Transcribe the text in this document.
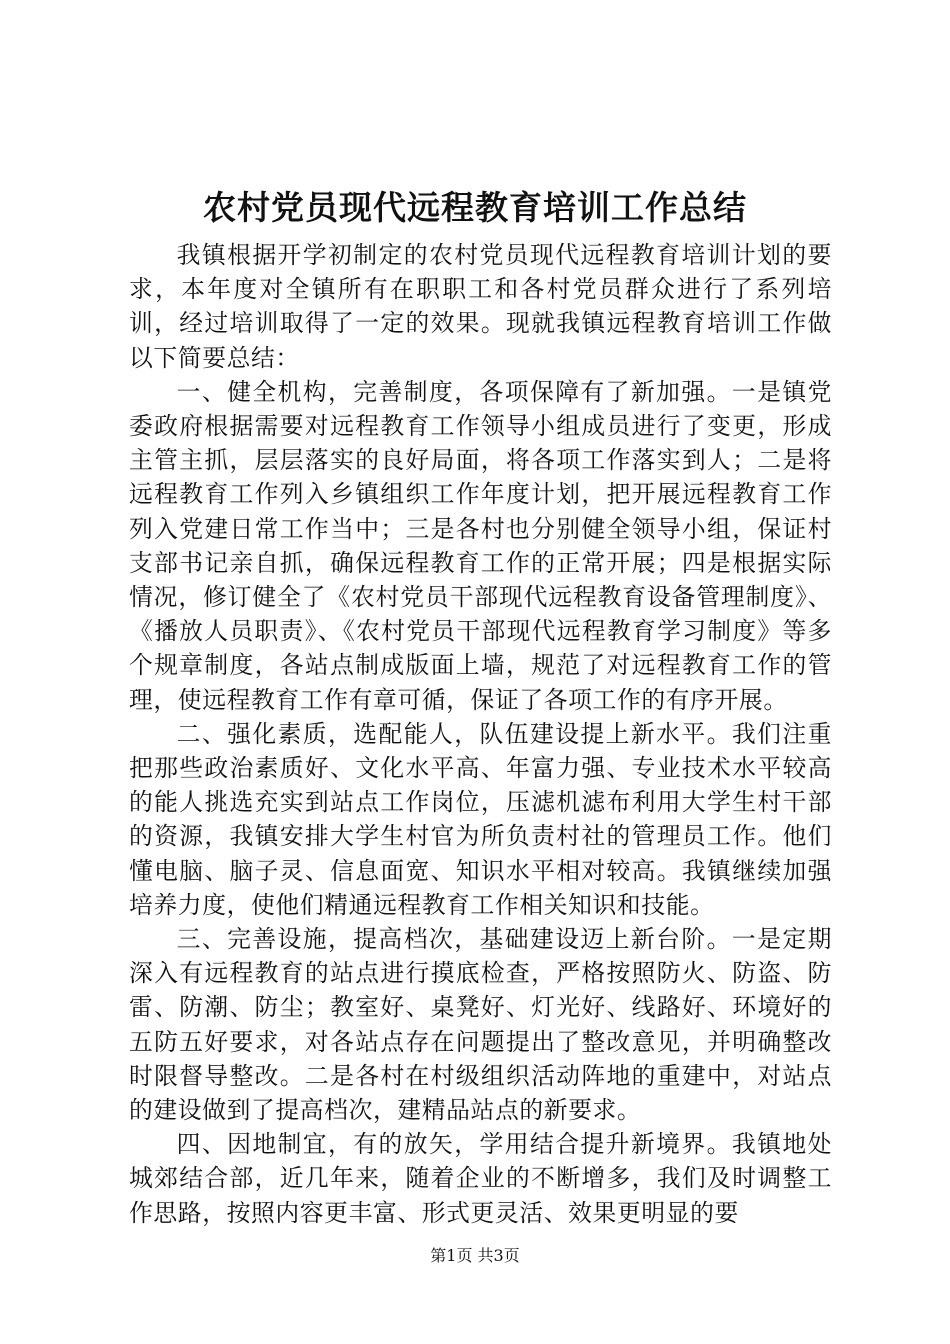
农村党员现代远程教育培训工作总结

我镇根据开学初制定的农村党员现代远程教育培训计划的要求，本年度对全镇所有在职职工和各村党员群众进行了系列培训，经过培训取得了一定的效果。现就我镇远程教育培训工作做以下简要总结：

一、健全机构，完善制度，各项保障有了新加强。一是镇党委政府根据需要对远程教育工作领导小组成员进行了变更，形成主管主抓，层层落实的良好局面，将各项工作落实到人；二是将远程教育工作列入乡镇组织工作年度计划，把开展远程教育工作列入党建日常工作当中；三是各村也分别健全领导小组，保证村支部书记亲自抓，确保远程教育工作的正常开展；四是根据实际情况，修订健全了《农村党员干部现代远程教育设备管理制度》、《播放人员职责》、《农村党员干部现代远程教育学习制度》等多个规章制度，各站点制成版面上墙，规范了对远程教育工作的管理，使远程教育工作有章可循，保证了各项工作的有序开展。

二、强化素质，选配能人，队伍建设提上新水平。我们注重把那些政治素质好、文化水平高、年富力强、专业技术水平较高的能人挑选充实到站点工作岗位，压滤机滤布利用大学生村干部的资源，我镇安排大学生村官为所负责村社的管理员工作。他们懂电脑、脑子灵、信息面宽、知识水平相对较高。我镇继续加强培养力度，使他们精通远程教育工作相关知识和技能。

三、完善设施，提高档次，基础建设迈上新台阶。一是定期深入有远程教育的站点进行摸底检查，严格按照防火、防盗、防雷、防潮、防尘；教室好、桌凳好、灯光好、线路好、环境好的五防五好要求，对各站点存在问题提出了整改意见，并明确整改时限督导整改。二是各村在村级组织活动阵地的重建中，对站点的建设做到了提高档次，建精品站点的新要求。

四、因地制宜，有的放矢，学用结合提升新境界。我镇地处城郊结合部，近几年来，随着企业的不断增多，我们及时调整工作思路，按照内容更丰富、形式更灵活、效果更明显的要

第1页 共3页
